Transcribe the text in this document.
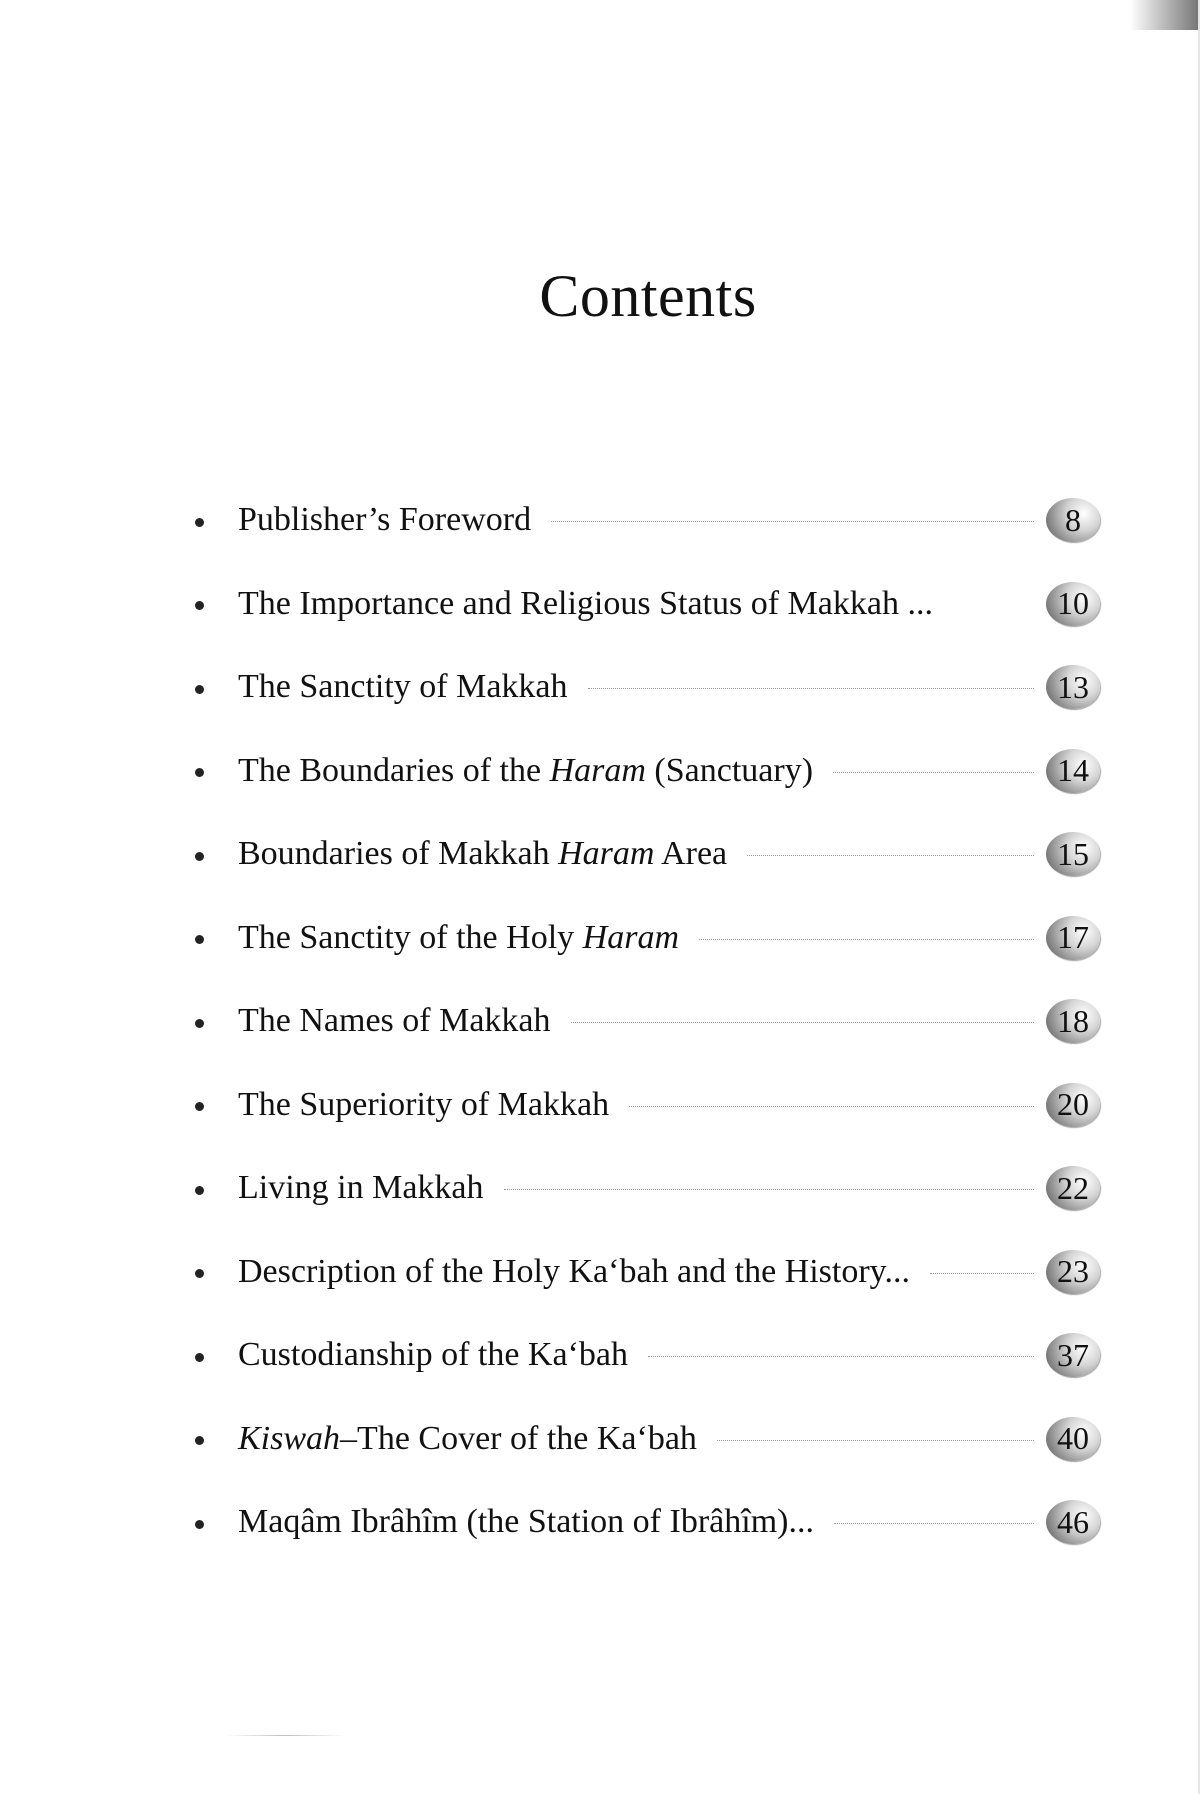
Contents
Publisher’s Foreword	8
The Importance and Religious Status of Makkah ...	10
The Sanctity of Makkah	13
The Boundaries of the Haram (Sanctuary)	14
Boundaries of Makkah Haram Area	15
The Sanctity of the Holy Haram	17
The Names of Makkah	18
The Superiority of Makkah	20
Living in Makkah	22
Description of the Holy Ka‘bah and the History...	23
Custodianship of the Ka‘bah	37
Kiswah–The Cover of the Ka‘bah	40
Maqâm Ibrâhîm (the Station of Ibrâhîm)...	46
